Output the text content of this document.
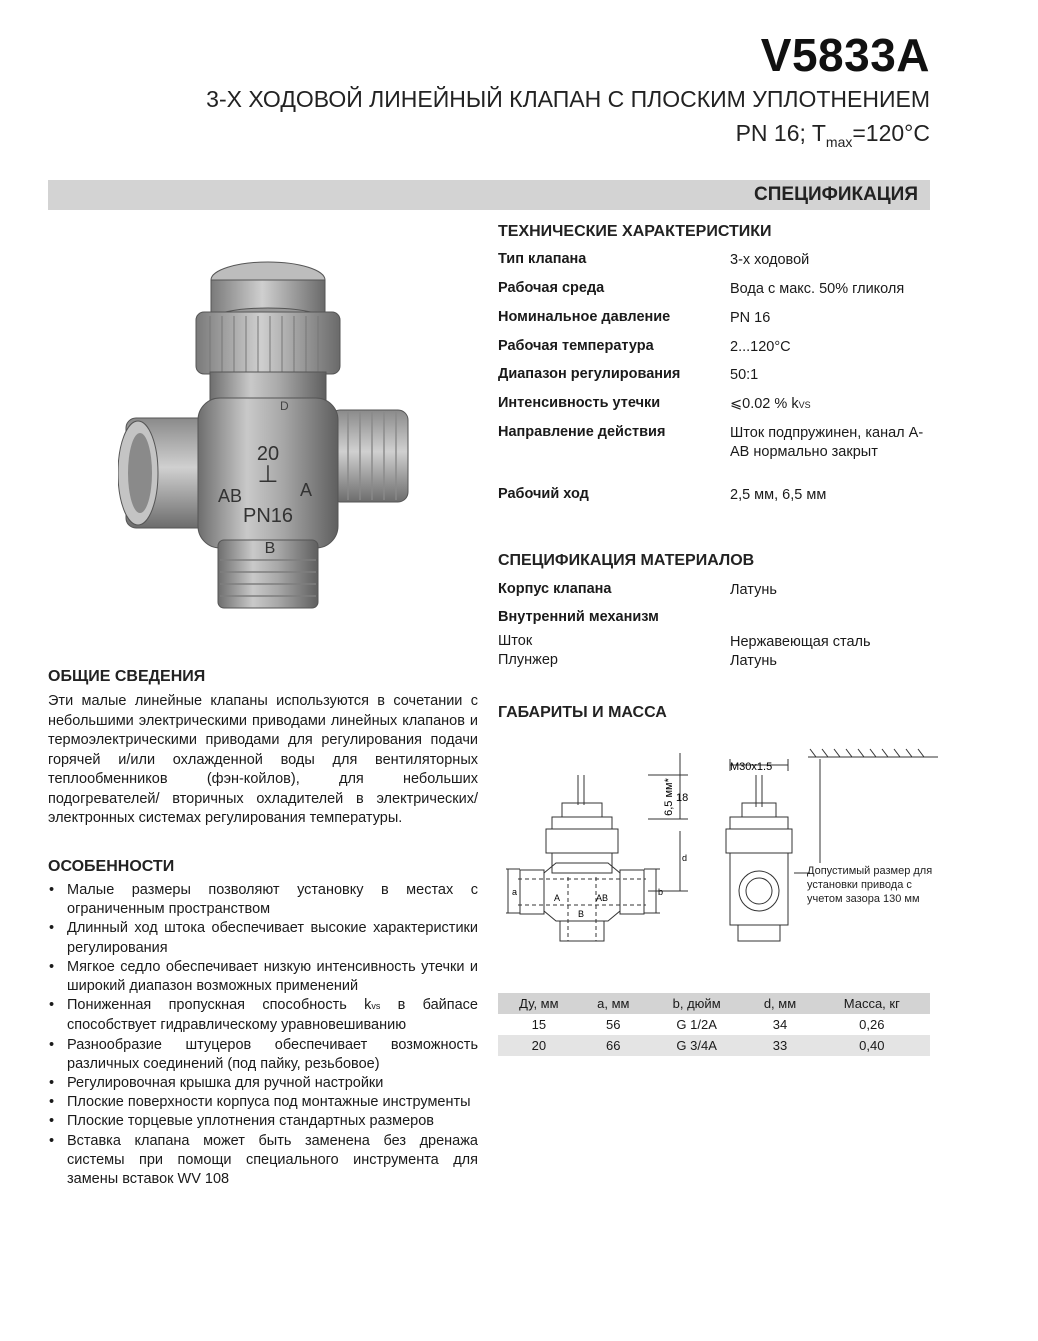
V5833A
3-Х ХОДОВОЙ ЛИНЕЙНЫЙ КЛАПАН С ПЛОСКИМ УПЛОТНЕНИЕМ
PN 16; $T_{max}=120^\circ C$
СПЕЦИФИКАЦИЯ
D
20
⊥
AB	A
PN16
B
ТЕХНИЧЕСКИЕ ХАРАКТЕРИСТИКИ
Тип клапана	3-х ходовой
Рабочая среда	Вода с макс. 50% гликоля
Номинальное давление	PN 16
Рабочая температура	2...120°C
Диапазон регулирования	50:1
Интенсивность утечки	⩽0.02 % kVS
Направление действия	Шток подпружинен, канал А-АВ нормально закрыт
Рабочий ход	2,5 мм, 6,5 мм
СПЕЦИФИКАЦИЯ МАТЕРИАЛОВ
Корпус клапана	Латунь
Внутренний механизм
Шток	Нержавеющая сталь
Плунжер	Латунь
ОБЩИЕ СВЕДЕНИЯ
Эти малые линейные клапаны используются в сочетании с небольшими электрическими приводами линейных клапанов и термоэлектрическими приводами для регулирования подачи горячей и/или охлажденной воды для вентиляторных теплообменников (фэн-койлов), для небольших подогревателей/ вторичных охладителей в электрических/электронных системах регулирования температуры.
ОСОБЕННОСТИ
• Малые размеры позволяют установку в местах с ограниченным пространством
• Длинный ход штока обеспечивает высокие характеристики регулирования
• Мягкое седло обеспечивает низкую интенсивность утечки и широкий диапазон возможных применений
• Пониженная пропускная способность kvs в байпасе способствует гидравлическому уравновешиванию
• Разнообразие штуцеров обеспечивает возможность различных соединений (под пайку, резьбовое)
• Регулировочная крышка для ручной настройки
• Плоские поверхности корпуса под монтажные инструменты
• Плоские торцевые уплотнения стандартных размеров
• Вставка клапана может быть заменена без дренажа системы при помощи специального инструмента для замены вставок WV 108
ГАБАРИТЫ И МАССА
M30x1.5
6,5 мм* 18
A	AB
B
a	b
d
Допустимый размер для установки привода с учетом зазора 130 мм
Ду, мм	a, мм	b, дюйм	d, мм	Масса, кг
15	56	G 1/2A	34	0,26
20	66	G 3/4A	33	0,40
